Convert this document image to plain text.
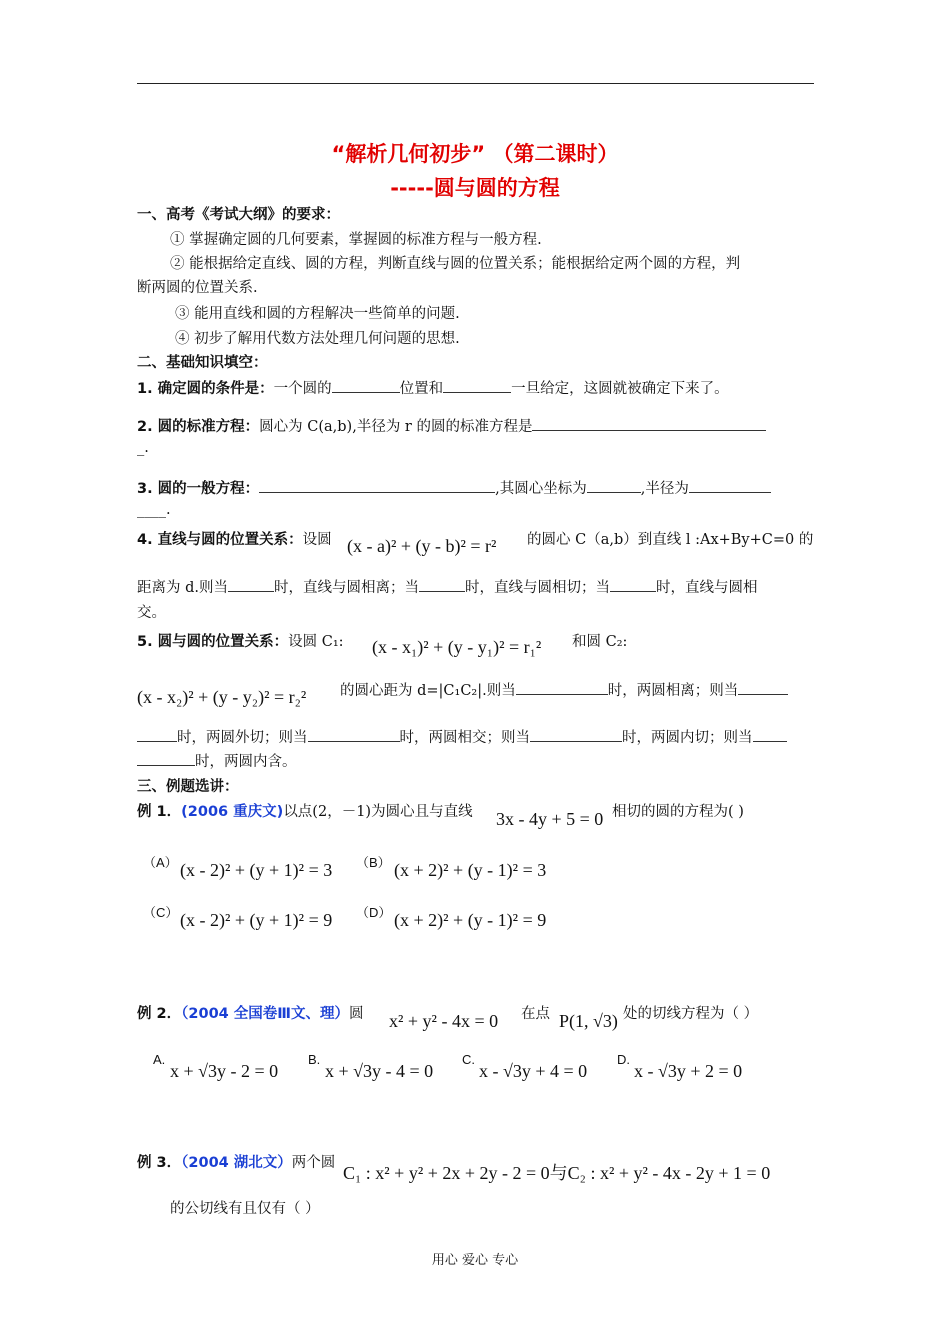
“解析几何初步” （第二课时）
-----圆与圆的方程
一、高考《考试大纲》的要求：
① 掌握确定圆的几何要素，掌握圆的标准方程与一般方程.
② 能根据给定直线、圆的方程，判断直线与圆的位置关系；能根据给定两个圆的方程，判
断两圆的位置关系.
③ 能用直线和圆的方程解决一些简单的问题.
④ 初步了解用代数方法处理几何问题的思想.
二、基础知识填空：
1. 确定圆的条件是：一个圆的	位置和	一旦给定，这圆就被确定下来了。
2. 圆的标准方程：圆心为 C(a,b),半径为 r 的圆的标准方程是
_.
3. 圆的一般方程：	,其圆心坐标为	,半径为
____.
4. 直线与圆的位置关系：设圆 (x - a)² + (y - b)² = r² 的圆心 C（a,b）到直线 l :Ax+By+C=0 的
距离为 d.则当	时，直线与圆相离；当	时，直线与圆相切；当	时，直线与圆相
交。
5. 圆与圆的位置关系：设圆 C₁: (x - x₁)² + (y - y₁)² = r₁² 和圆 C₂:
(x - x₂)² + (y - y₂)² = r₂² 的圆心距为 d=|C₁C₂|.则当	时，两圆相离；则当
时，两圆外切；则当	时，两圆相交；则当	时，两圆内切；则当
时，两圆内含。
三、例题选讲：
例 1．(2006 重庆文)以点(2，－1)为圆心且与直线 3x - 4y + 5 = 0 相切的圆的方程为( )
（A） (x - 2)² + (y + 1)² = 3 （B） (x + 2)² + (y - 1)² = 3
（C） (x - 2)² + (y + 1)² = 9 （D） (x + 2)² + (y - 1)² = 9
例 2．（2004 全国卷Ⅲ文、理）圆 x² + y² - 4x = 0 在点 P(1, √3) 处的切线方程为（ ）
A.
x + √3y - 2 = 0
B.
x + √3y - 4 = 0
C.
x - √3y + 4 = 0
D.
x - √3y + 2 = 0
例 3．（2004 湖北文）两个圆 C₁ : x² + y² + 2x + 2y - 2 = 0与C₂ : x² + y² - 4x - 2y + 1 = 0
的公切线有且仅有（ ）
用心 爱心 专心
